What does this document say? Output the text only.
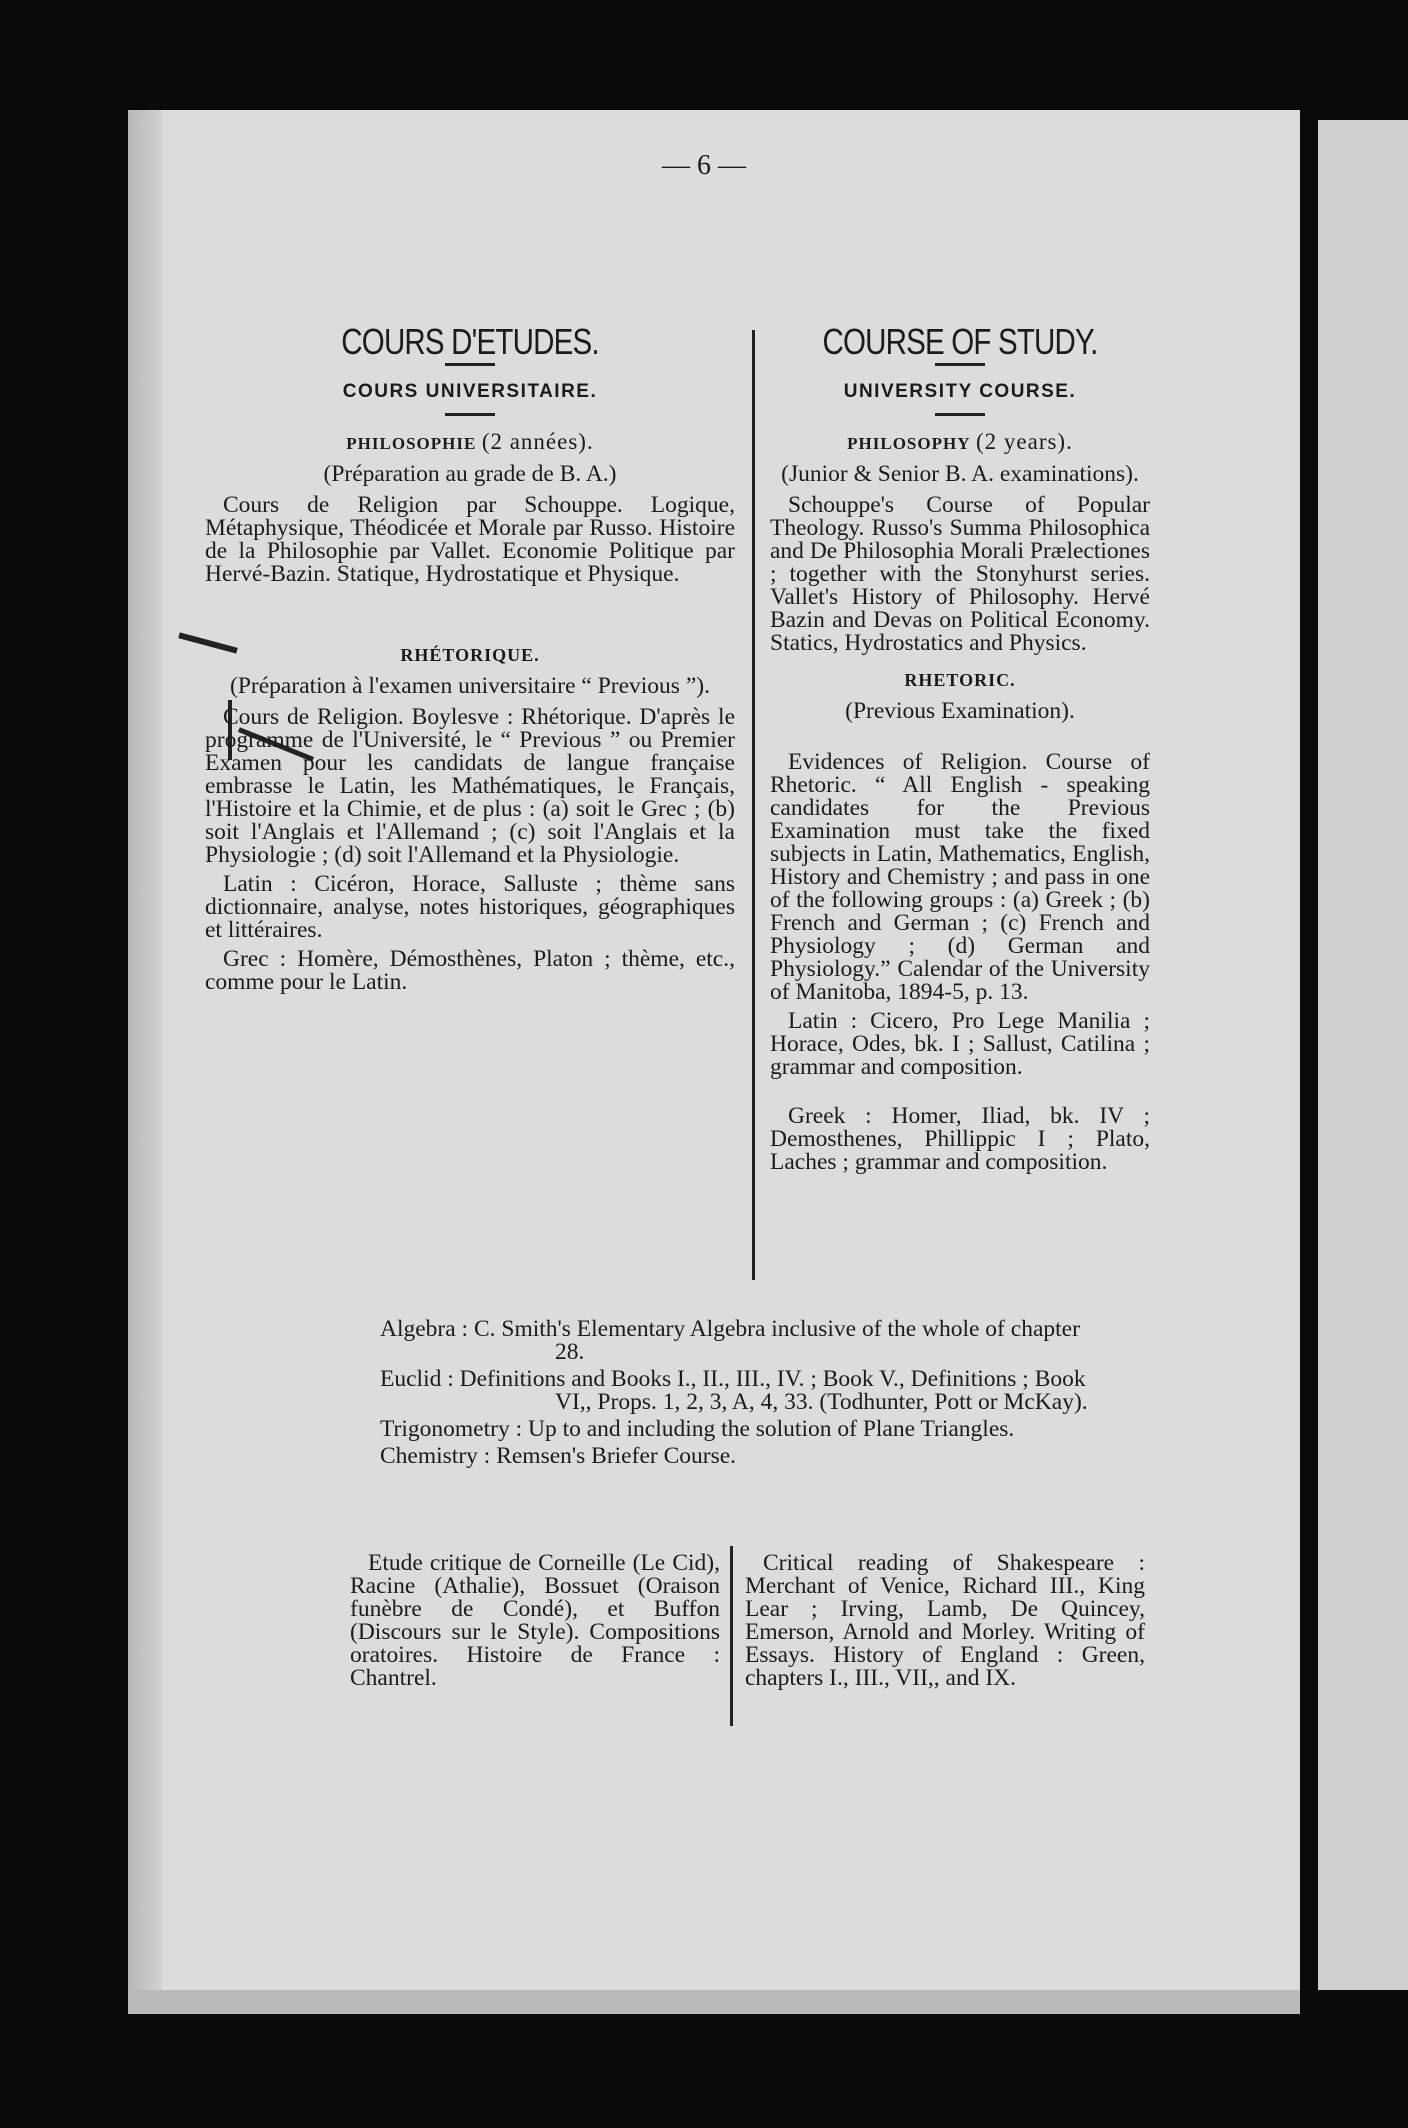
— 6 —
COURS D'ETUDES.
COURS UNIVERSITAIRE.
PHILOSOPHIE (2 années).
(Préparation au grade de B. A.)
Cours de Religion par Schouppe. Logique, Métaphysique, Théodicée et Morale par Russo. Histoire de la Philosophie par Vallet. Economie Politique par Hervé-Bazin. Statique, Hydrostatique et Physique.
RHÉTORIQUE.
(Préparation à l'examen universitaire “ Previous ”).
Cours de Religion. Boylesve : Rhétorique. D'après le programme de l'Université, le “ Previous ” ou Premier Examen pour les candidats de langue française embrasse le Latin, les Mathématiques, le Français, l'Histoire et la Chimie, et de plus : (a) soit le Grec ; (b) soit l'Anglais et l'Allemand ; (c) soit l'Anglais et la Physiologie ; (d) soit l'Allemand et la Physiologie.
Latin : Cicéron, Horace, Salluste ; thème sans dictionnaire, analyse, notes historiques, géographiques et littéraires.
Grec : Homère, Démosthènes, Platon ; thème, etc., comme pour le Latin.
COURSE OF STUDY.
UNIVERSITY COURSE.
PHILOSOPHY (2 years).
(Junior & Senior B. A. examinations).
Schouppe's Course of Popular Theology. Russo's Summa Philosophica and De Philosophia Morali Prælectiones ; together with the Stonyhurst series. Vallet's History of Philosophy. Hervé Bazin and Devas on Political Economy. Statics, Hydrostatics and Physics.
RHETORIC.
(Previous Examination).
Evidences of Religion. Course of Rhetoric. “ All English - speaking candidates for the Previous Examination must take the fixed subjects in Latin, Mathematics, English, History and Chemistry ; and pass in one of the following groups : (a) Greek ; (b) French and German ; (c) French and Physiology ; (d) German and Physiology.” Calendar of the University of Manitoba, 1894-5, p. 13.
Latin : Cicero, Pro Lege Manilia ; Horace, Odes, bk. I ; Sallust, Catilina ; grammar and composition.
Greek : Homer, Iliad, bk. IV ; Demosthenes, Phillippic I ; Plato, Laches ; grammar and composition.

Algebra : C. Smith's Elementary Algebra inclusive of the whole of chapter 28.

Euclid : Definitions and Books I., II., III., IV. ; Book V., Definitions ; Book VI,, Props. 1, 2, 3, A, 4, 33. (Todhunter, Pott or McKay).

Trigonometry : Up to and including the solution of Plane Triangles.

Chemistry : Remsen's Briefer Course.

Etude critique de Corneille (Le Cid), Racine (Athalie), Bossuet (Oraison funèbre de Condé), et Buffon (Discours sur le Style). Compositions oratoires. Histoire de France : Chantrel.
Critical reading of Shakespeare : Merchant of Venice, Richard III., King Lear ; Irving, Lamb, De Quincey, Emerson, Arnold and Morley. Writing of Essays. History of England : Green, chapters I., III., VII,, and IX.
